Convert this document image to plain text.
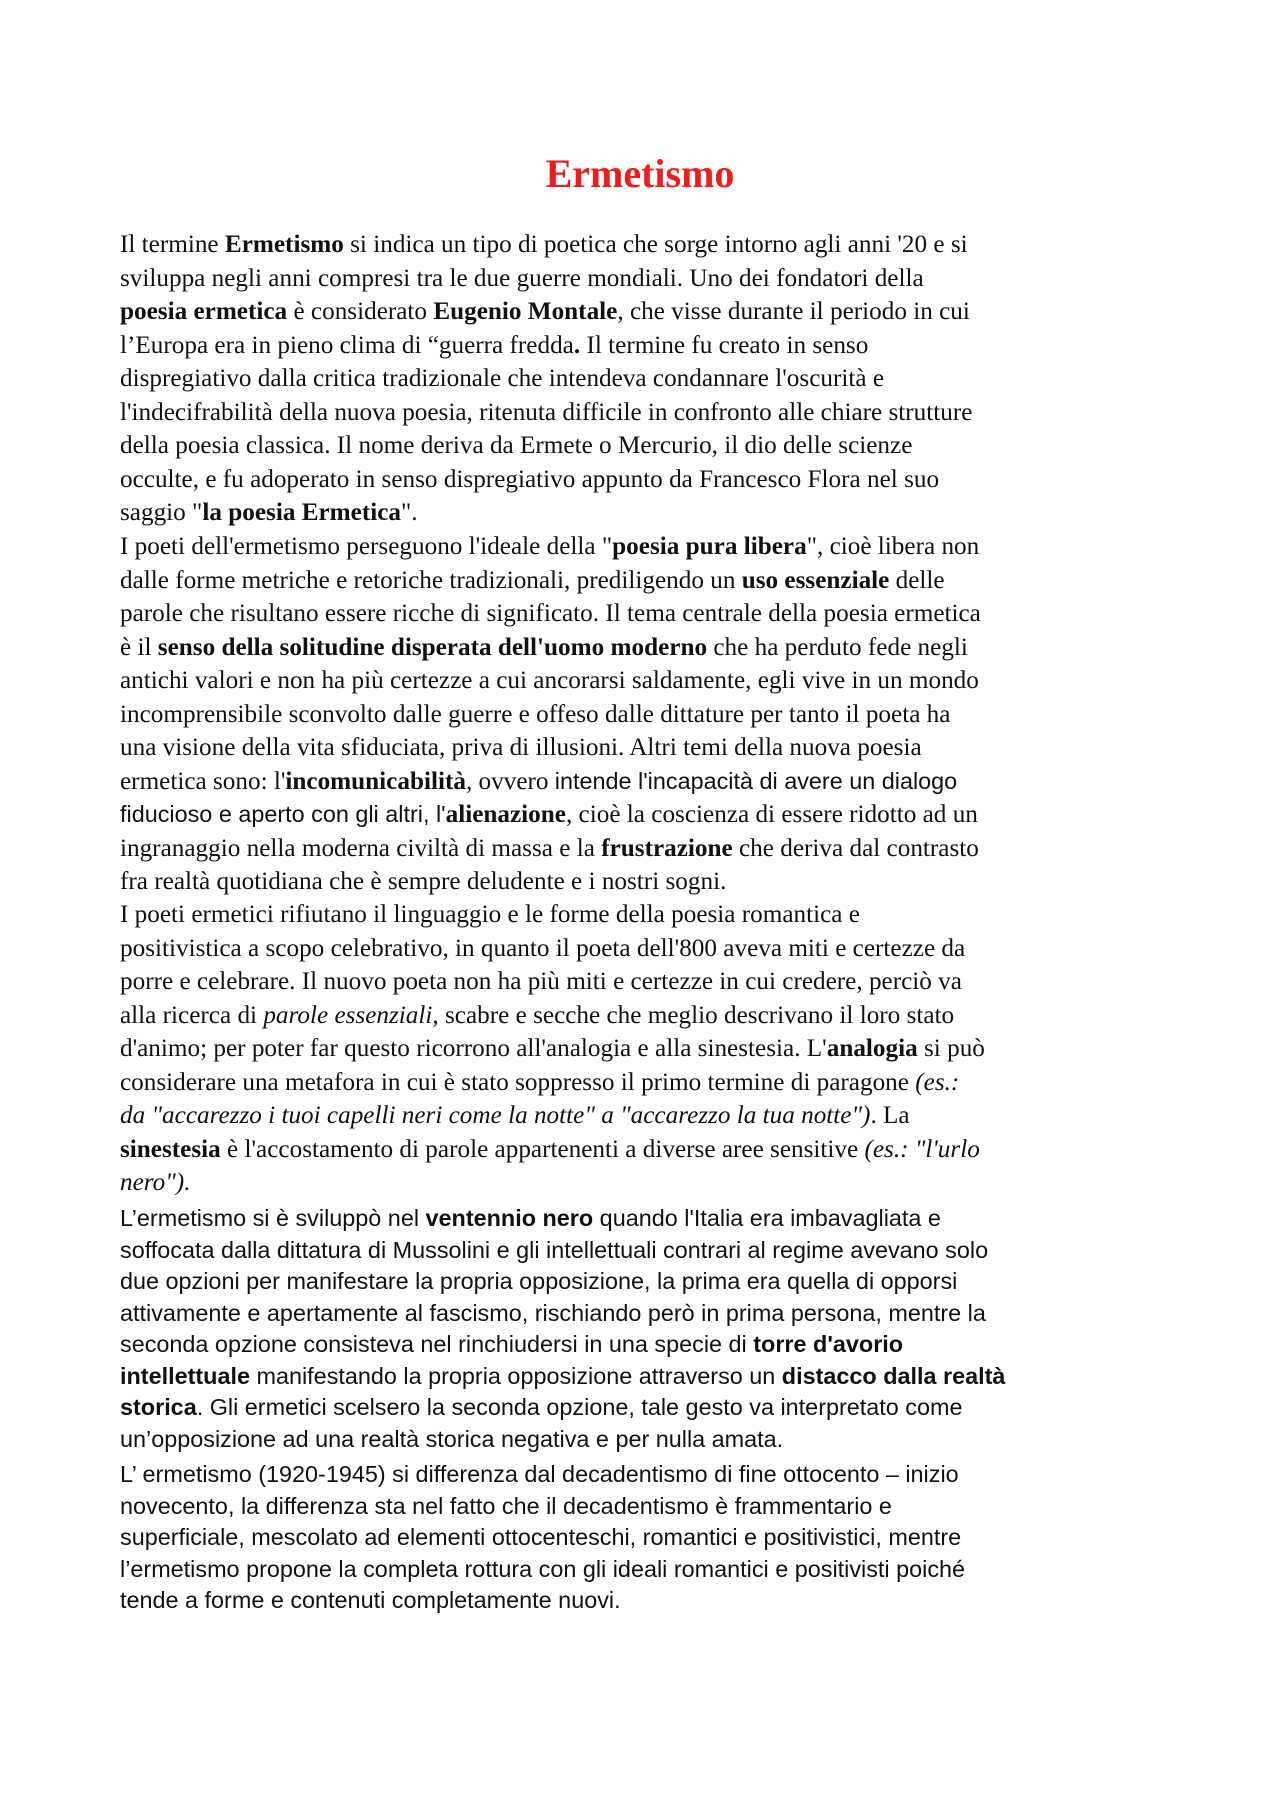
Ermetismo

Il termine Ermetismo si indica un tipo di poetica che sorge intorno agli anni '20 e si
sviluppa negli anni compresi tra le due guerre mondiali. Uno dei fondatori della
poesia ermetica è considerato Eugenio Montale, che visse durante il periodo in cui
l’Europa era in pieno clima di “guerra fredda. Il termine fu creato in senso
dispregiativo dalla critica tradizionale che intendeva condannare l'oscurità e
l'indecifrabilità della nuova poesia, ritenuta difficile in confronto alle chiare strutture
della poesia classica. Il nome deriva da Ermete o Mercurio, il dio delle scienze
occulte, e fu adoperato in senso dispregiativo appunto da Francesco Flora nel suo
saggio "la poesia Ermetica".

I poeti dell'ermetismo perseguono l'ideale della "poesia pura libera", cioè libera non
dalle forme metriche e retoriche tradizionali, prediligendo un uso essenziale delle
parole che risultano essere ricche di significato. Il tema centrale della poesia ermetica
è il senso della solitudine disperata dell'uomo moderno che ha perduto fede negli
antichi valori e non ha più certezze a cui ancorarsi saldamente, egli vive in un mondo
incomprensibile sconvolto dalle guerre e offeso dalle dittature per tanto il poeta ha
una visione della vita sfiduciata, priva di illusioni. Altri temi della nuova poesia
ermetica sono: l'incomunicabilità, ovvero intende l'incapacità di avere un dialogo
fiducioso e aperto con gli altri, l'alienazione, cioè la coscienza di essere ridotto ad un
ingranaggio nella moderna civiltà di massa e la frustrazione che deriva dal contrasto
fra realtà quotidiana che è sempre deludente e i nostri sogni.

I poeti ermetici rifiutano il linguaggio e le forme della poesia romantica e
positivistica a scopo celebrativo, in quanto il poeta dell'800 aveva miti e certezze da
porre e celebrare. Il nuovo poeta non ha più miti e certezze in cui credere, perciò va
alla ricerca di parole essenziali, scabre e secche che meglio descrivano il loro stato
d'animo; per poter far questo ricorrono all'analogia e alla sinestesia. L'analogia si può
considerare una metafora in cui è stato soppresso il primo termine di paragone (es.:
da "accarezzo i tuoi capelli neri come la notte" a "accarezzo la tua notte"). La
sinestesia è l'accostamento di parole appartenenti a diverse aree sensitive (es.: "l'urlo
nero").

L’ermetismo si è sviluppò nel ventennio nero quando l'Italia era imbavagliata e
soffocata dalla dittatura di Mussolini e gli intellettuali contrari al regime avevano solo
due opzioni per manifestare la propria opposizione, la prima era quella di opporsi
attivamente e apertamente al fascismo, rischiando però in prima persona, mentre la
seconda opzione consisteva nel rinchiudersi in una specie di torre d'avorio
intellettuale manifestando la propria opposizione attraverso un distacco dalla realtà
storica. Gli ermetici scelsero la seconda opzione, tale gesto va interpretato come
un’opposizione ad una realtà storica negativa e per nulla amata.

L’ ermetismo (1920-1945) si differenza dal decadentismo di fine ottocento – inizio
novecento, la differenza sta nel fatto che il decadentismo è frammentario e
superficiale, mescolato ad elementi ottocenteschi, romantici e positivistici, mentre
l’ermetismo propone la completa rottura con gli ideali romantici e positivisti poiché
tende a forme e contenuti completamente nuovi.
